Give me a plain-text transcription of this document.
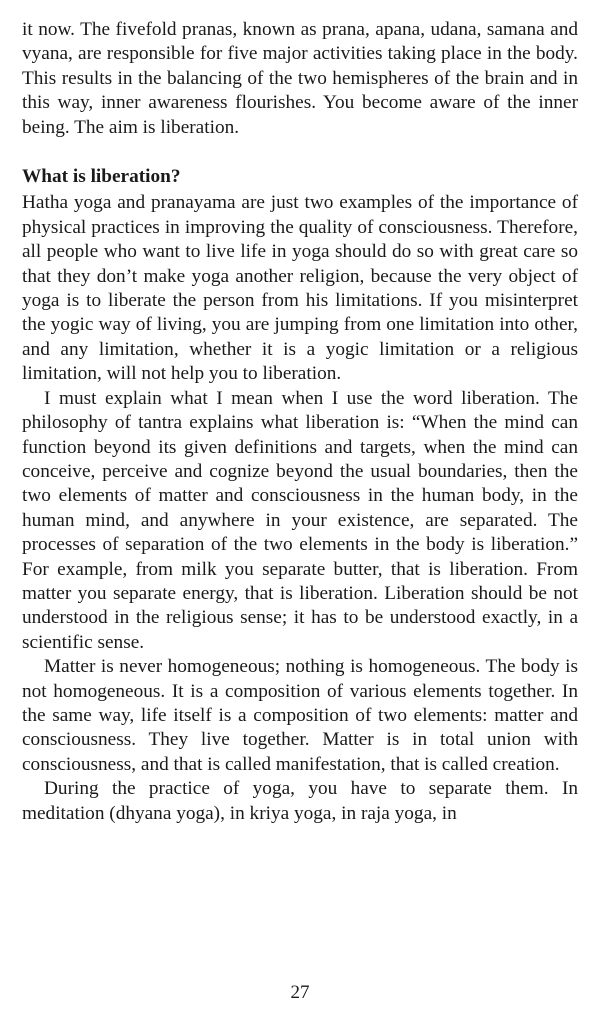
it now. The fivefold pranas, known as prana, apana, udana, samana and vyana, are responsible for five major activities taking place in the body. This results in the balancing of the two hemispheres of the brain and in this way, inner awareness flourishes. You become aware of the inner being. The aim is liberation.

What is liberation?

Hatha yoga and pranayama are just two examples of the importance of physical practices in improving the quality of consciousness. Therefore, all people who want to live life in yoga should do so with great care so that they don’t make yoga another religion, because the very object of yoga is to liberate the person from his limitations. If you misinterpret the yogic way of living, you are jumping from one limitation into other, and any limitation, whether it is a yogic limitation or a religious limitation, will not help you to liberation.

I must explain what I mean when I use the word liberation. The philosophy of tantra explains what liberation is: “When the mind can function beyond its given definitions and targets, when the mind can conceive, perceive and cognize beyond the usual boundaries, then the two elements of matter and consciousness in the human body, in the human mind, and anywhere in your existence, are separated. The processes of separation of the two elements in the body is liberation.” For example, from milk you separate butter, that is liberation. From matter you separate energy, that is liberation. Liberation should be not understood in the religious sense; it has to be understood exactly, in a scientific sense.

Matter is never homogeneous; nothing is homogeneous. The body is not homogeneous. It is a composition of various elements together. In the same way, life itself is a composition of two elements: matter and consciousness. They live together. Matter is in total union with consciousness, and that is called manifestation, that is called creation.

During the practice of yoga, you have to separate them. In meditation (dhyana yoga), in kriya yoga, in raja yoga, in

27
